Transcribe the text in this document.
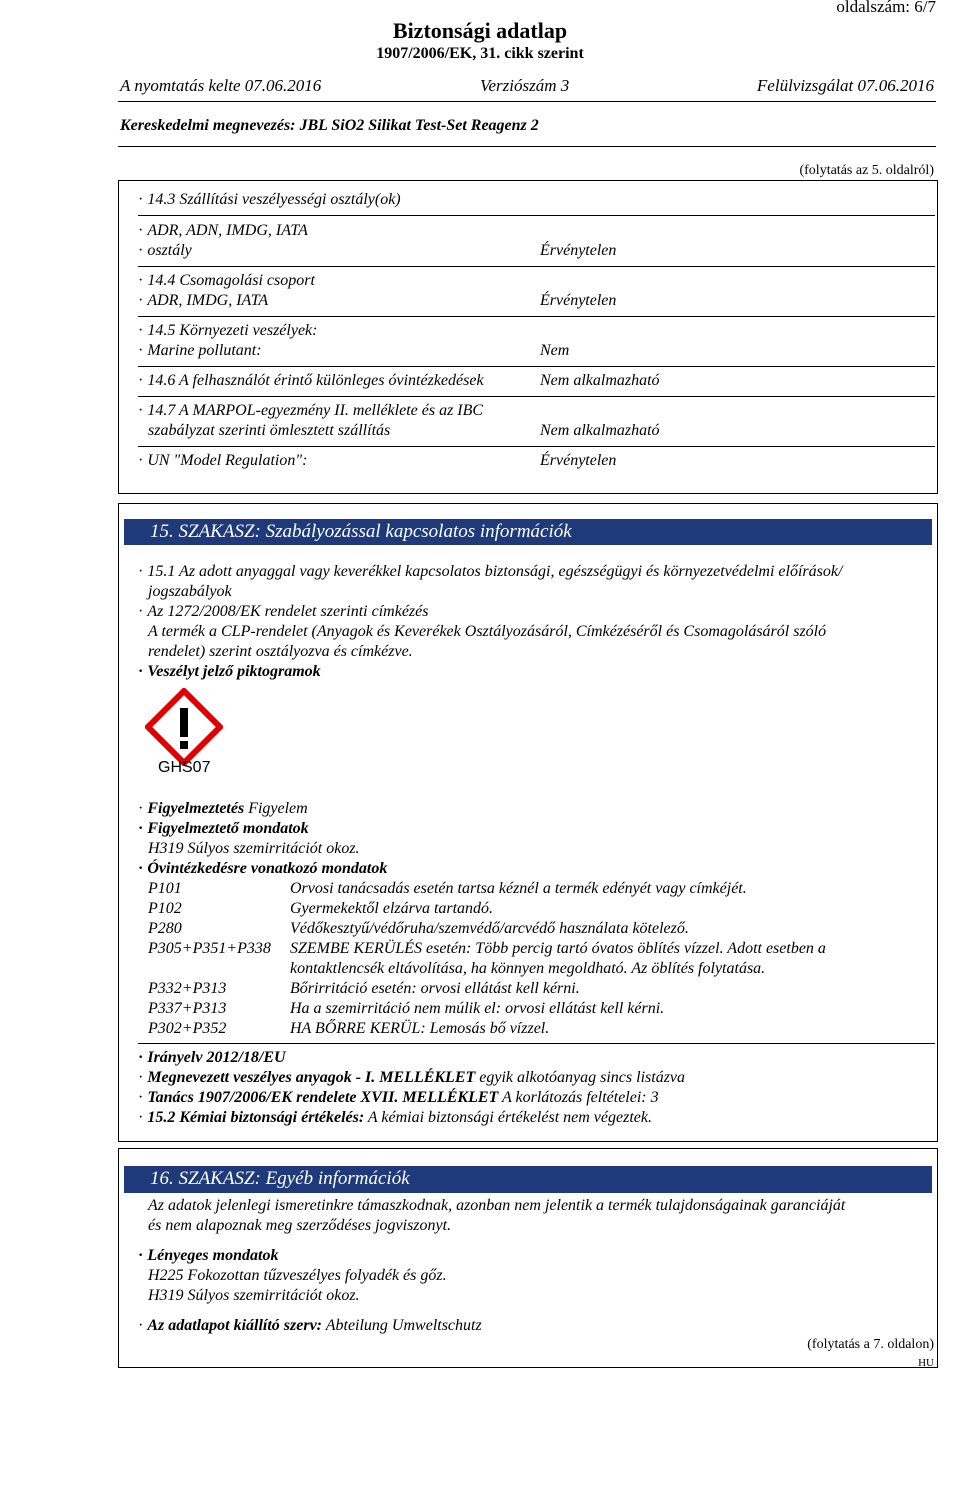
oldalszám: 6/7
Biztonsági adatlap
1907/2006/EK, 31. cikk szerint
A nyomtatás kelte 07.06.2016	Verziószám 3	Felülvizsgálat 07.06.2016
Kereskedelmi megnevezés: JBL SiO2 Silikat Test-Set Reagenz 2
(folytatás az 5. oldalról)
· 14.3 Szállítási veszélyességi osztály(ok)
· ADR, ADN, IMDG, IATA
· osztály	Érvénytelen
· 14.4 Csomagolási csoport
· ADR, IMDG, IATA	Érvénytelen
· 14.5 Környezeti veszélyek:
· Marine pollutant:	Nem
· 14.6 A felhasználót érintő különleges óvintézkedések	Nem alkalmazható
· 14.7 A MARPOL-egyezmény II. melléklete és az IBC
szabályzat szerinti ömlesztett szállítás	Nem alkalmazható
· UN "Model Regulation":	Érvénytelen
15. SZAKASZ: Szabályozással kapcsolatos információk
· 15.1 Az adott anyaggal vagy keverékkel kapcsolatos biztonsági, egészségügyi és környezetvédelmi előírások/
jogszabályok
· Az 1272/2008/EK rendelet szerinti címkézés
A termék a CLP-rendelet (Anyagok és Keverékek Osztályozásáról, Címkézéséről és Csomagolásáról szóló
rendelet) szerint osztályozva és címkézve.
· Veszélyt jelző piktogramok
GHS07
· Figyelmeztetés Figyelem
· Figyelmeztető mondatok
H319 Súlyos szemirritációt okoz.
· Óvintézkedésre vonatkozó mondatok
P101	Orvosi tanácsadás esetén tartsa kéznél a termék edényét vagy címkéjét.
P102	Gyermekektől elzárva tartandó.
P280	Védőkesztyű/védőruha/szemvédő/arcvédő használata kötelező.
P305+P351+P338 SZEMBE KERÜLÉS esetén: Több percig tartó óvatos öblítés vízzel. Adott esetben a
kontaktlencsék eltávolítása, ha könnyen megoldható. Az öblítés folytatása.
P332+P313	Bőrirritáció esetén: orvosi ellátást kell kérni.
P337+P313	Ha a szemirritáció nem múlik el: orvosi ellátást kell kérni.
P302+P352	HA BŐRRE KERÜL: Lemosás bő vízzel.
· Irányelv 2012/18/EU
· Megnevezett veszélyes anyagok - I. MELLÉKLET egyik alkotóanyag sincs listázva
· Tanács 1907/2006/EK rendelete XVII. MELLÉKLET A korlátozás feltételei: 3
· 15.2 Kémiai biztonsági értékelés: A kémiai biztonsági értékelést nem végeztek.
16. SZAKASZ: Egyéb információk
Az adatok jelenlegi ismeretinkre támaszkodnak, azonban nem jelentik a termék tulajdonságainak garanciáját
és nem alapoznak meg szerződéses jogviszonyt.
· Lényeges mondatok
H225 Fokozottan tűzveszélyes folyadék és gőz.
H319 Súlyos szemirritációt okoz.
· Az adatlapot kiállító szerv: Abteilung Umweltschutz
(folytatás a 7. oldalon)
HU
